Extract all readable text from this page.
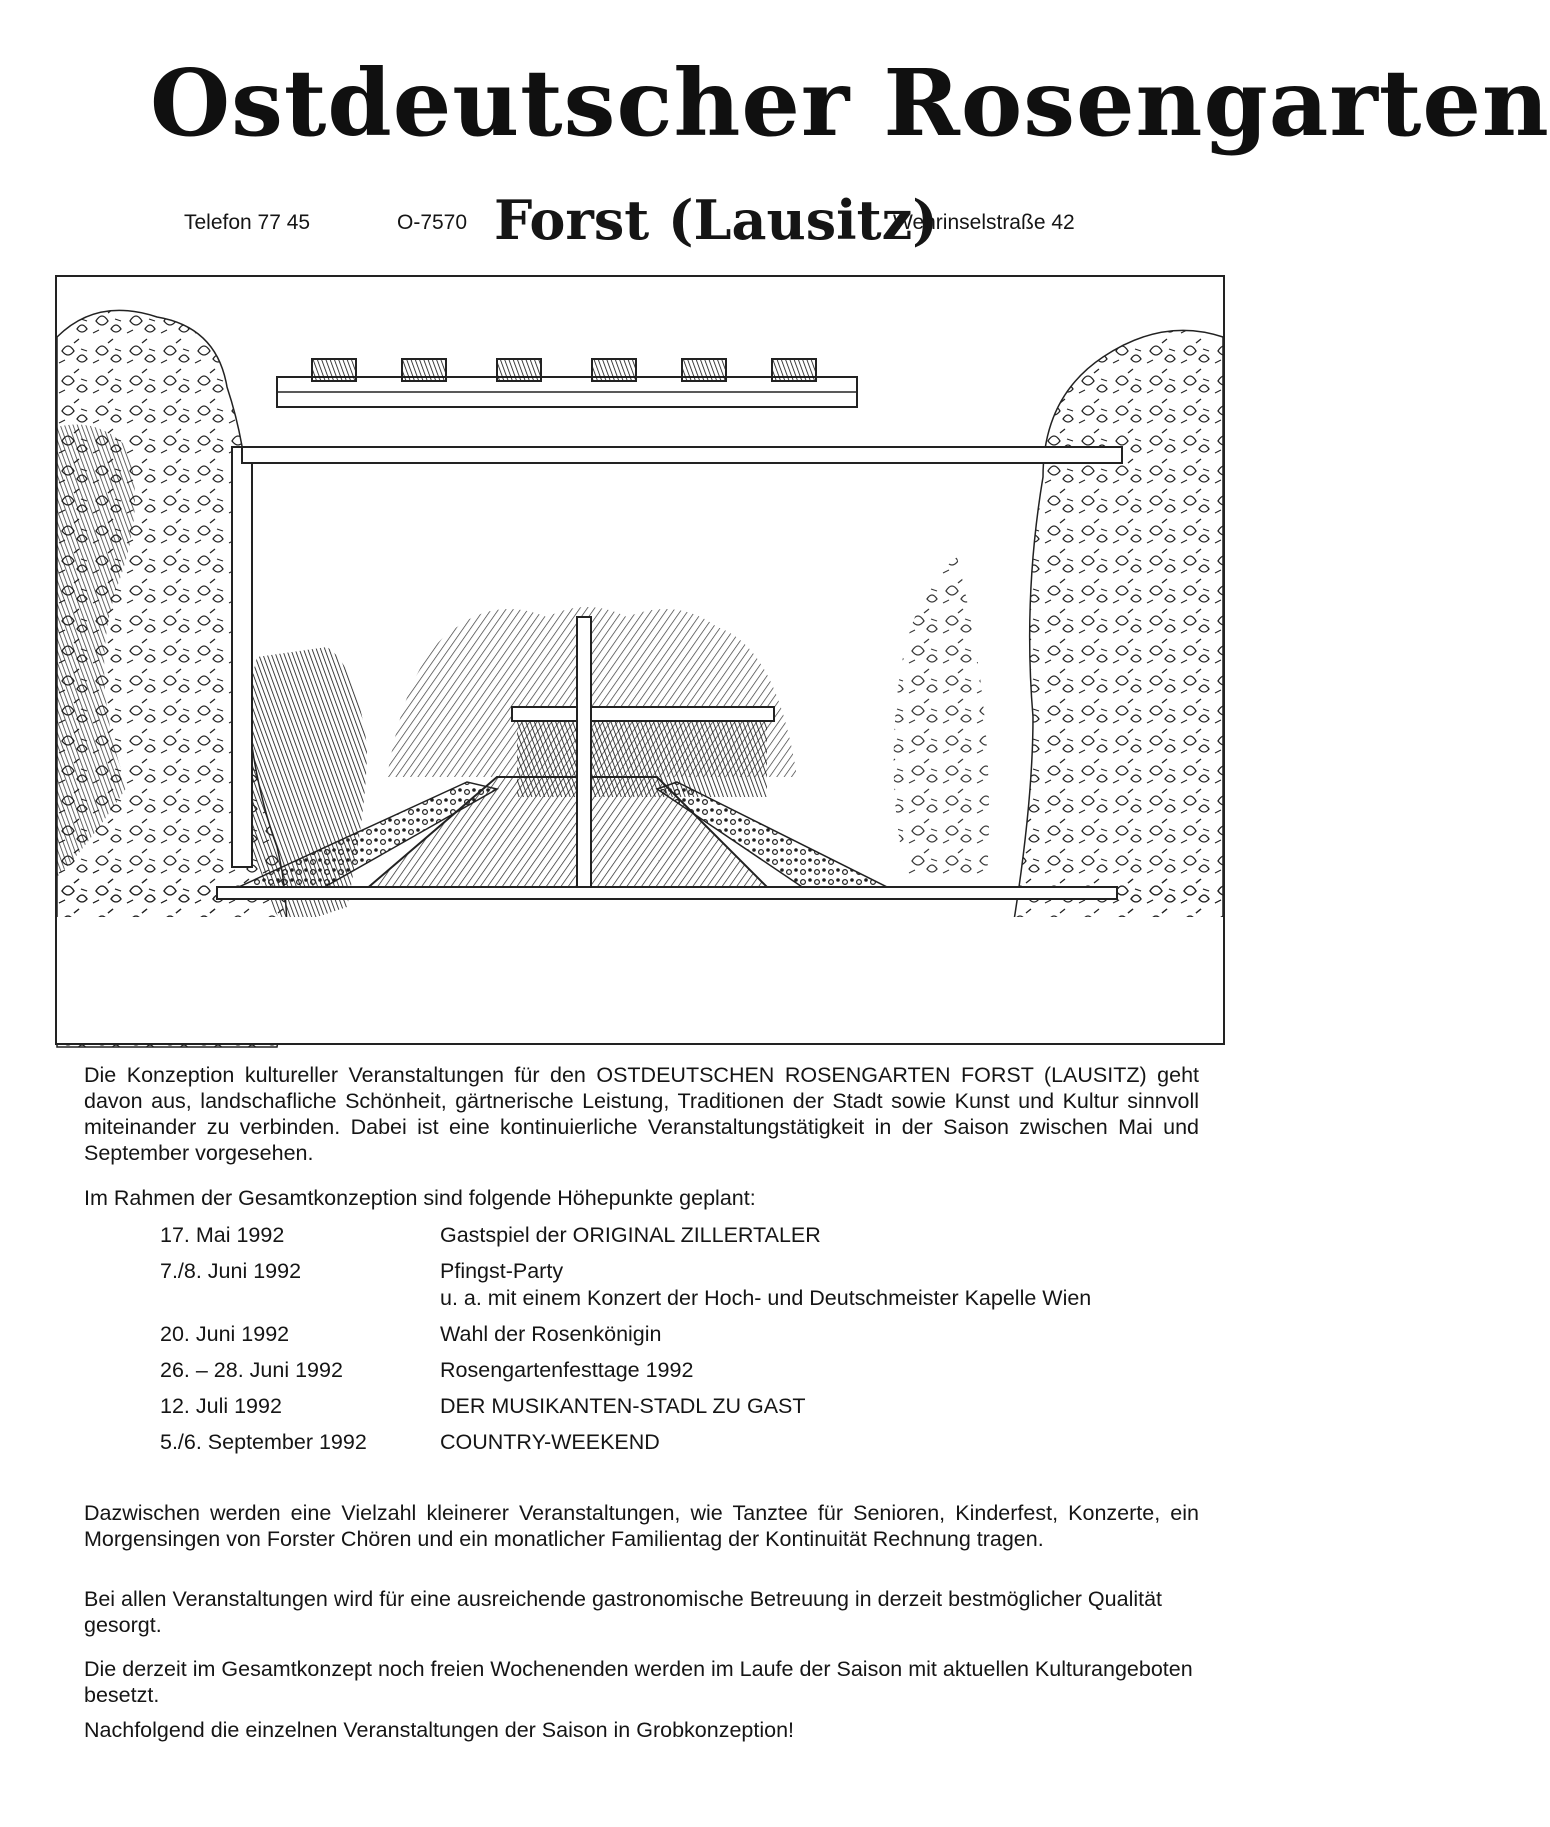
Ostdeutscher Rosengarten
Telefon 77 45	O-7570 Forst (Lausitz)
Wehrinselstraße 42
Die Konzeption kultureller Veranstaltungen für den OSTDEUTSCHEN ROSENGARTEN FORST (LAUSITZ) geht davon aus, landschafliche Schönheit, gärtnerische Leistung, Traditionen der Stadt sowie Kunst und Kultur sinnvoll miteinander zu verbinden. Dabei ist eine kontinuierliche Veranstaltungstätigkeit in der Saison zwischen Mai und September vorgesehen.
Im Rahmen der Gesamtkonzeption sind folgende Höhepunkte geplant:
17. Mai 1992	Gastspiel der ORIGINAL ZILLERTALER
7./8. Juni 1992	Pfingst-Party
u. a. mit einem Konzert der Hoch- und Deutschmeister Kapelle Wien
20. Juni 1992	Wahl der Rosenkönigin
26. – 28. Juni 1992	Rosengartenfesttage 1992
12. Juli 1992	DER MUSIKANTEN-STADL ZU GAST
5./6. September 1992	COUNTRY-WEEKEND
Dazwischen werden eine Vielzahl kleinerer Veranstaltungen, wie Tanztee für Senioren, Kinderfest, Konzerte, ein Morgensingen von Forster Chören und ein monatlicher Familientag der Kontinuität Rechnung tragen.
Bei allen Veranstaltungen wird für eine ausreichende gastronomische Betreuung in derzeit bestmöglicher Qualität gesorgt.
Die derzeit im Gesamtkonzept noch freien Wochenenden werden im Laufe der Saison mit aktuellen Kulturangeboten besetzt.
Nachfolgend die einzelnen Veranstaltungen der Saison in Grobkonzeption!
